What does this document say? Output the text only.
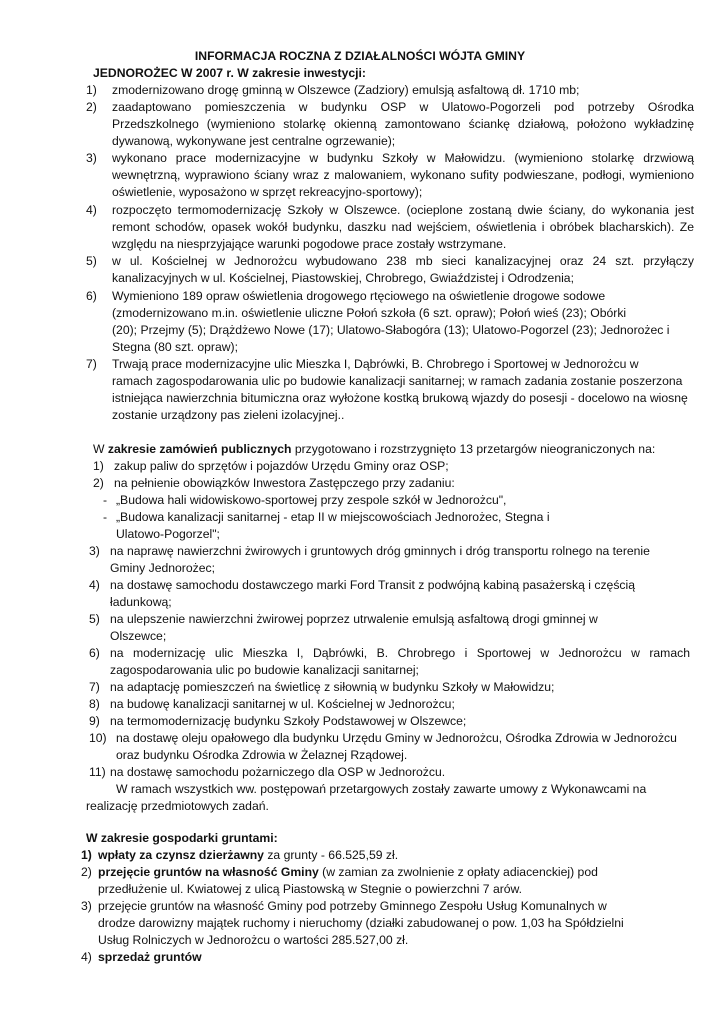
INFORMACJA ROCZNA Z DZIAŁALNOŚCI WÓJTA GMINY
JEDNOROŻEC W 2007 r. W zakresie inwestycji:
1) zmodernizowano drogę gminną w Olszewce (Zadziory) emulsją asfaltową dł. 1710 mb;
2) zaadaptowano pomieszczenia w budynku OSP w Ulatowo-Pogorzeli pod potrzeby Ośrodka
Przedszkolnego (wymieniono stolarkę okienną zamontowano ściankę działową, położono wykładzinę
dywanową, wykonywane jest centralne ogrzewanie);
3) wykonano prace modernizacyjne w budynku Szkoły w Małowidzu. (wymieniono stolarkę drzwiową
wewnętrzną, wyprawiono ściany wraz z malowaniem, wykonano sufity podwieszane, podłogi, wymieniono
oświetlenie, wyposażono w sprzęt rekreacyjno-sportowy);
4) rozpoczęto termomodernizację Szkoły w Olszewce. (ocieplone zostaną dwie ściany, do wykonania jest
remont schodów, opasek wokół budynku, daszku nad wejściem, oświetlenia i obróbek blacharskich). Ze
względu na niesprzyjające warunki pogodowe prace zostały wstrzymane.
5) w ul. Kościelnej w Jednorożcu wybudowano 238 mb sieci kanalizacyjnej oraz 24 szt. przyłączy
kanalizacyjnych w ul. Kościelnej, Piastowskiej, Chrobrego, Gwiaździstej i Odrodzenia;
6) Wymieniono 189 opraw oświetlenia drogowego rtęciowego na oświetlenie drogowe sodowe
(zmodernizowano m.in. oświetlenie uliczne Połoń szkoła (6 szt. opraw); Połoń wieś (23); Obórki
(20); Przejmy (5); Drążdżewo Nowe (17); Ulatowo-Słabogóra (13); Ulatowo-Pogorzel (23); Jednorożec i
Stegna (80 szt. opraw);
7) Trwają prace modernizacyjne ulic Mieszka I, Dąbrówki, B. Chrobrego i Sportowej w Jednorożcu w
ramach zagospodarowania ulic po budowie kanalizacji sanitarnej; w ramach zadania zostanie poszerzona
istniejąca nawierzchnia bitumiczna oraz wyłożone kostką brukową wjazdy do posesji - docelowo na wiosnę
zostanie urządzony pas zieleni izolacyjnej..
W zakresie zamówień publicznych przygotowano i rozstrzygnięto 13 przetargów nieograniczonych na:
1) zakup paliw do sprzętów i pojazdów Urzędu Gminy oraz OSP;
2) na pełnienie obowiązków Inwestora Zastępczego przy zadaniu:
- „Budowa hali widowiskowo-sportowej przy zespole szkół w Jednorożcu",
- „Budowa kanalizacji sanitarnej - etap II w miejscowościach Jednorożec, Stegna i
Ulatowo-Pogorzel";
3) na naprawę nawierzchni żwirowych i gruntowych dróg gminnych i dróg transportu rolnego na terenie
Gminy Jednorożec;
4) na dostawę samochodu dostawczego marki Ford Transit z podwójną kabiną pasażerską i częścią
ładunkową;
5) na ulepszenie nawierzchni żwirowej poprzez utrwalenie emulsją asfaltową drogi gminnej w
Olszewce;
6) na modernizację ulic Mieszka I, Dąbrówki, B. Chrobrego i Sportowej w Jednorożcu w ramach
zagospodarowania ulic po budowie kanalizacji sanitarnej;
7) na adaptację pomieszczeń na świetlicę z siłownią w budynku Szkoły w Małowidzu;
8) na budowę kanalizacji sanitarnej w ul. Kościelnej w Jednorożcu;
9) na termomodernizację budynku Szkoły Podstawowej w Olszewce;
10) na dostawę oleju opałowego dla budynku Urzędu Gminy w Jednorożcu, Ośrodka Zdrowia w Jednorożcu
oraz budynku Ośrodka Zdrowia w Żelaznej Rządowej.
11) na dostawę samochodu pożarniczego dla OSP w Jednorożcu.
W ramach wszystkich ww. postępowań przetargowych zostały zawarte umowy z Wykonawcami na
realizację przedmiotowych zadań.
W zakresie gospodarki gruntami:
1) wpłaty za czynsz dzierżawny za grunty - 66.525,59 zł.
2) przejęcie gruntów na własność Gminy (w zamian za zwolnienie z opłaty adiacenckiej) pod
przedłużenie ul. Kwiatowej z ulicą Piastowską w Stegnie o powierzchni 7 arów.
3) przejęcie gruntów na własność Gminy pod potrzeby Gminnego Zespołu Usług Komunalnych w
drodze darowizny majątek ruchomy i nieruchomy (działki zabudowanej o pow. 1,03 ha Spółdzielni
Usług Rolniczych w Jednorożcu o wartości 285.527,00 zł.
4) sprzedaż gruntów
